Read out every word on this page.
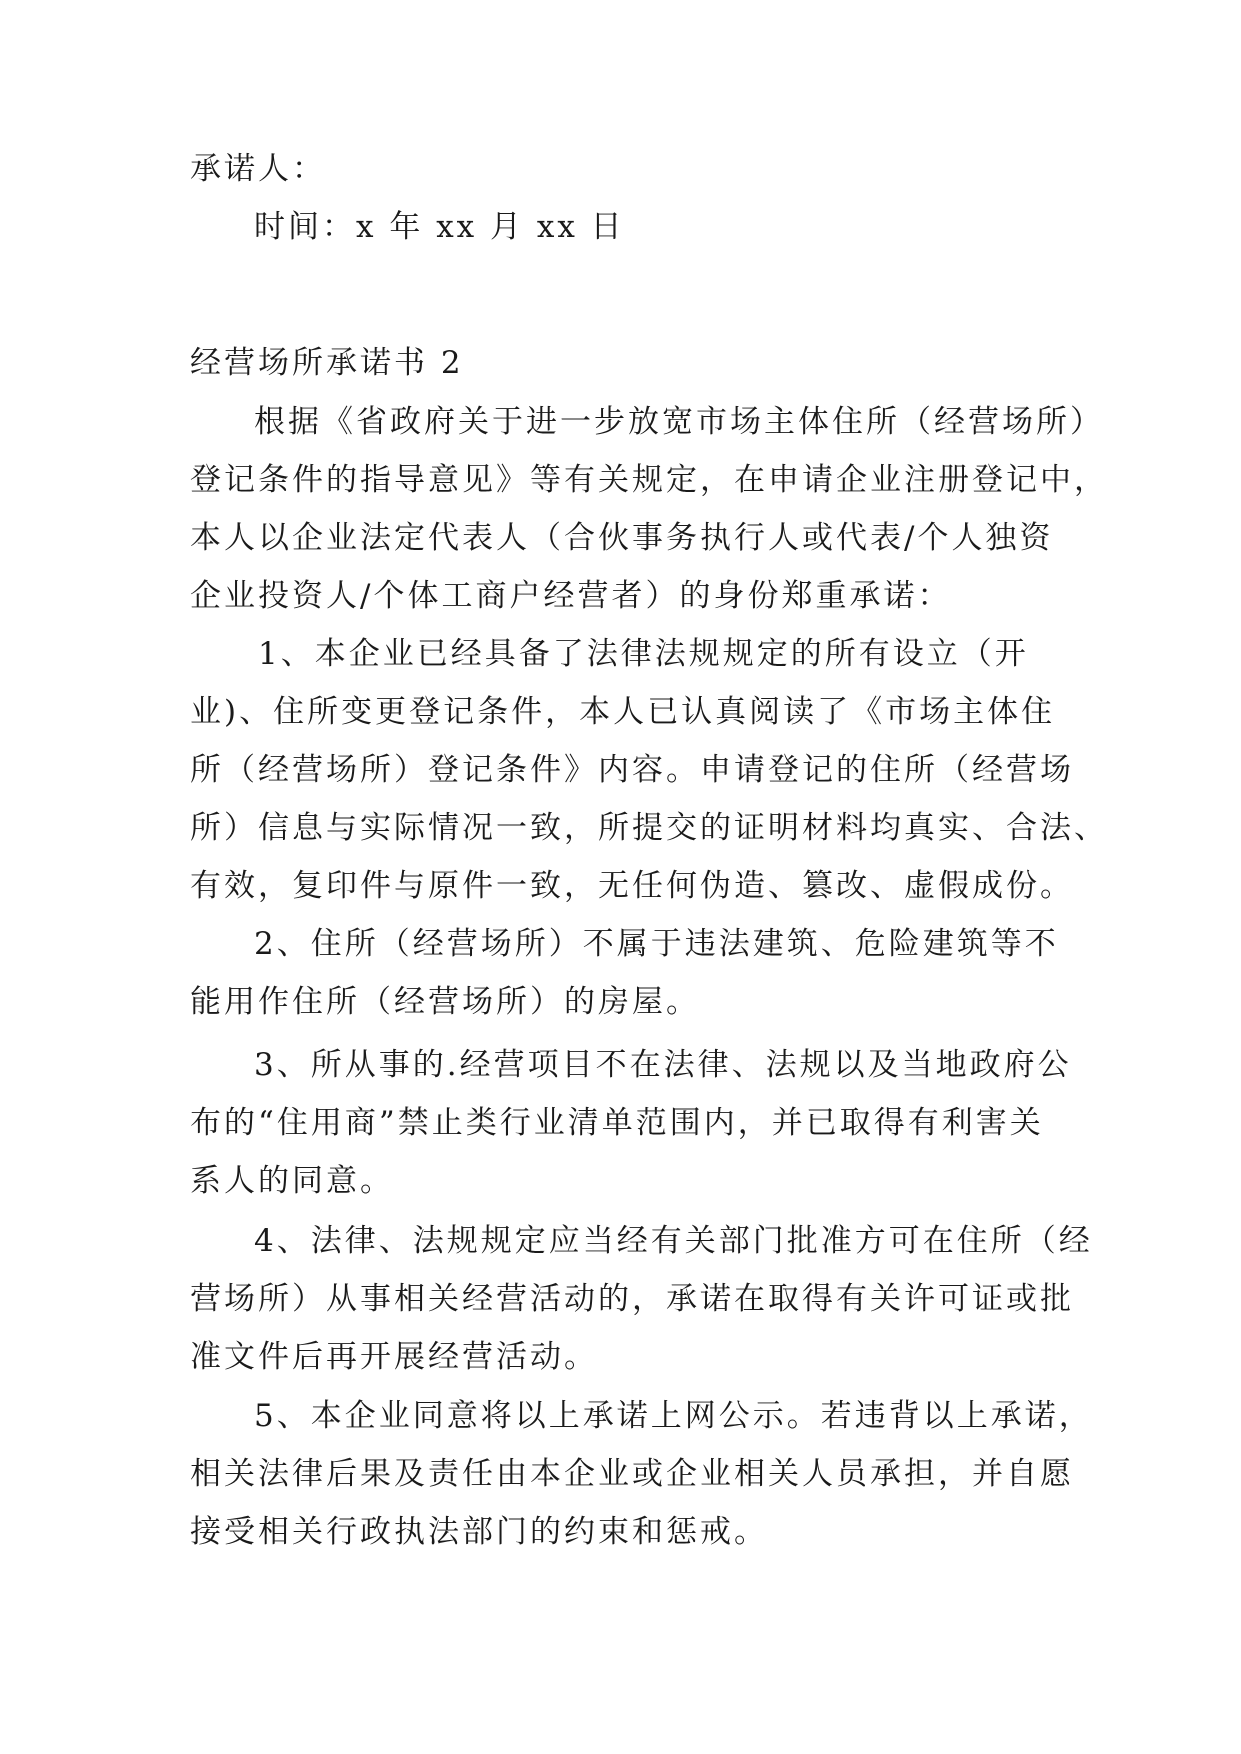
承诺人：
时间：x 年 xx 月 xx 日
经营场所承诺书 2
根据《省政府关于进一步放宽市场主体住所（经营场所）
登记条件的指导意见》等有关规定，在申请企业注册登记中，
本人以企业法定代表人（合伙事务执行人或代表/个人独资
企业投资人/个体工商户经营者）的身份郑重承诺：
1、本企业已经具备了法律法规规定的所有设立（开
业)、住所变更登记条件，本人已认真阅读了《市场主体住
所（经营场所）登记条件》内容。申请登记的住所（经营场
所）信息与实际情况一致，所提交的证明材料均真实、合法、
有效，复印件与原件一致，无任何伪造、篡改、虚假成份。
2、住所（经营场所）不属于违法建筑、危险建筑等不
能用作住所（经营场所）的房屋。
3、所从事的.经营项目不在法律、法规以及当地政府公
布的“住用商”禁止类行业清单范围内，并已取得有利害关
系人的同意。
4、法律、法规规定应当经有关部门批准方可在住所（经
营场所）从事相关经营活动的，承诺在取得有关许可证或批
准文件后再开展经营活动。
5、本企业同意将以上承诺上网公示。若违背以上承诺，
相关法律后果及责任由本企业或企业相关人员承担，并自愿
接受相关行政执法部门的约束和惩戒。
